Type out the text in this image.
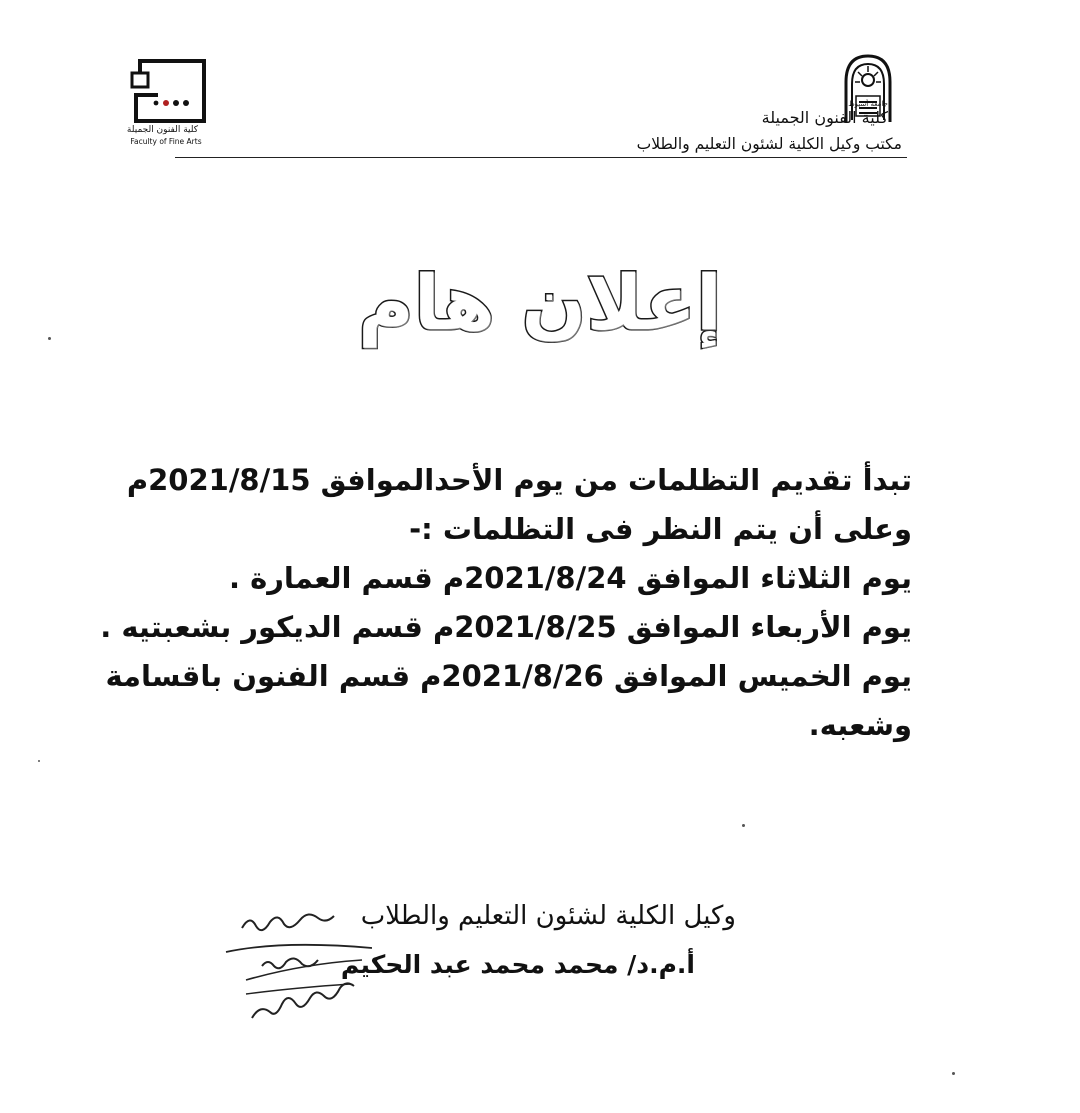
جامعة أسيوط
كلية الفنون الجميلة
مكتب وكيل الكلية لشئون التعليم والطلاب
كلية الفنون الجميلة
Faculty of Fine Arts
إعلان هام
تبدأ تقديم التظلمات من يوم الأحدالموافق 2021/8/15م
وعلى أن يتم النظر فى التظلمات :-
يوم الثلاثاء الموافق 2021/8/24م قسم العمارة .
يوم الأربعاء الموافق 2021/8/25م قسم الديكور بشعبتيه .
يوم الخميس الموافق 2021/8/26م قسم الفنون باقسامة
وشعبه.
وكيل الكلية لشئون التعليم والطلاب
أ.م.د/ محمد محمد عبد الحكيم
